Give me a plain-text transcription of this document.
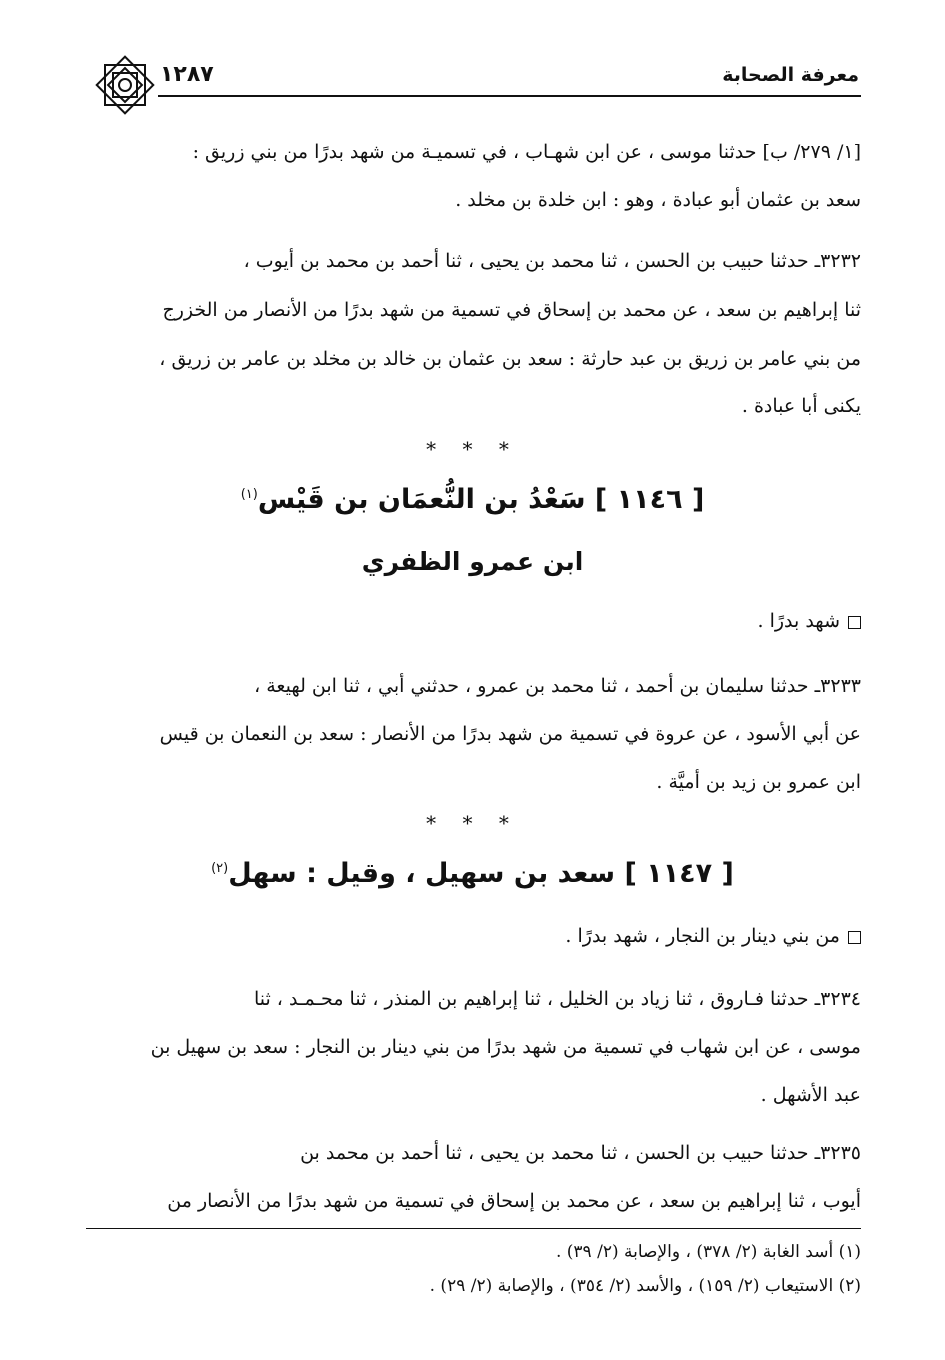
معرفة الصحابة
١٢٨٧

[١/ ٢٧٩/ ب] حدثنا موسى ، عن ابن شهـاب ، في تسميـة من شهد بدرًا من بني زريق :

سعد بن عثمان أبو عبادة ، وهو : ابن خلدة بن مخلد .

٣٢٣٢ـ حدثنا حبيب بن الحسن ، ثنا محمد بن يحيى ، ثنا أحمد بن محمد بن أيوب ،

ثنا إبراهيم بن سعد ، عن محمد بن إسحاق في تسمية من شهد بدرًا من الأنصار من الخزرج

من بني عامر بن زريق بن عبد حارثة : سعد بن عثمان بن خالد بن مخلد بن عامر بن زريق ،

يكنى أبا عبادة .

* * *
[ ١١٤٦ ] سَعْدُ بن النُّعمَان بن قَيْس$^{(١)}$
ابن عمرو الظفري

شهد بدرًا .

٣٢٣٣ـ حدثنا سليمان بن أحمد ، ثنا محمد بن عمرو ، حدثني أبي ، ثنا ابن لهيعة ،

عن أبي الأسود ، عن عروة في تسمية من شهد بدرًا من الأنصار : سعد بن النعمان بن قيس

ابن عمرو بن زيد بن أميَّة .

* * *
[ ١١٤٧ ] سعد بن سهيل ، وقيل : سهل$^{(٢)}$

من بني دينار بن النجار ، شهد بدرًا .

٣٢٣٤ـ حدثنا فـاروق ، ثنا زياد بن الخليل ، ثنا إبراهيم بن المنذر ، ثنا محـمـد ، ثنا

موسى ، عن ابن شهاب في تسمية من شهد بدرًا من بني دينار بن النجار : سعد بن سهيل بن

عبد الأشهل .

٣٢٣٥ـ حدثنا حبيب بن الحسن ، ثنا محمد بن يحيى ، ثنا أحمد بن محمد بن

أيوب ، ثنا إبراهيم بن سعد ، عن محمد بن إسحاق في تسمية من شهد بدرًا من الأنصار من

(١) أسد الغابة (٢/ ٣٧٨) ، والإصابة (٢/ ٣٩) .

(٢) الاستيعاب (٢/ ١٥٩) ، والأسد (٢/ ٣٥٤) ، والإصابة (٢/ ٢٩) .
